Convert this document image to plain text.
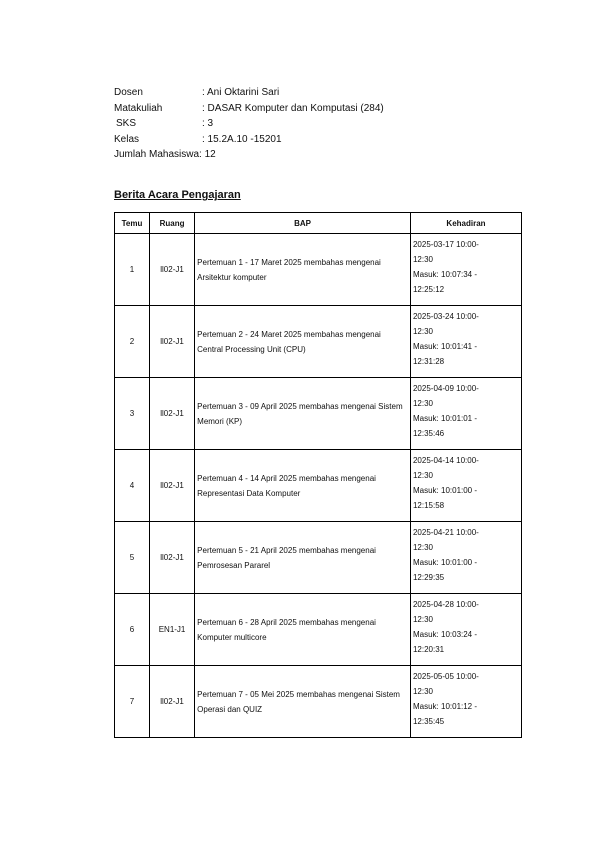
Dosen	: Ani Oktarini Sari
Matakuliah	: DASAR Komputer dan Komputasi (284)
SKS	: 3
Kelas	: 15.2A.10 -15201
Jumlah Mahasiswa : 12
Berita Acara Pengajaran
Temu	Ruang	BAP	Kehadiran
1	ll02-J1	Pertemuan 1 - 17 Maret 2025 membahas mengenai Arsitektur komputer	2025-03-17 10:00-
12:30
Masuk: 10:07:34 -
12:25:12

2	ll02-J1	Pertemuan 2 - 24 Maret 2025 membahas mengenai Central Processing Unit (CPU)	2025-03-24 10:00-
12:30
Masuk: 10:01:41 -
12:31:28

3	ll02-J1	Pertemuan 3 - 09 April 2025 membahas mengenai Sistem Memori (KP)	2025-04-09 10:00-
12:30
Masuk: 10:01:01 -
12:35:46

4	ll02-J1	Pertemuan 4 - 14 April 2025 membahas mengenai Representasi Data Komputer	2025-04-14 10:00-
12:30
Masuk: 10:01:00 -
12:15:58

5	ll02-J1	Pertemuan 5 - 21 April 2025 membahas mengenai Pemrosesan Pararel	2025-04-21 10:00-
12:30
Masuk: 10:01:00 -
12:29:35

6	EN1-J1	Pertemuan 6 - 28 April 2025 membahas mengenai Komputer multicore	2025-04-28 10:00-
12:30
Masuk: 10:03:24 -
12:20:31

7	ll02-J1	Pertemuan 7 - 05 Mei 2025 membahas mengenai Sistem Operasi dan QUIZ	2025-05-05 10:00-
12:30
Masuk: 10:01:12 -
12:35:45
